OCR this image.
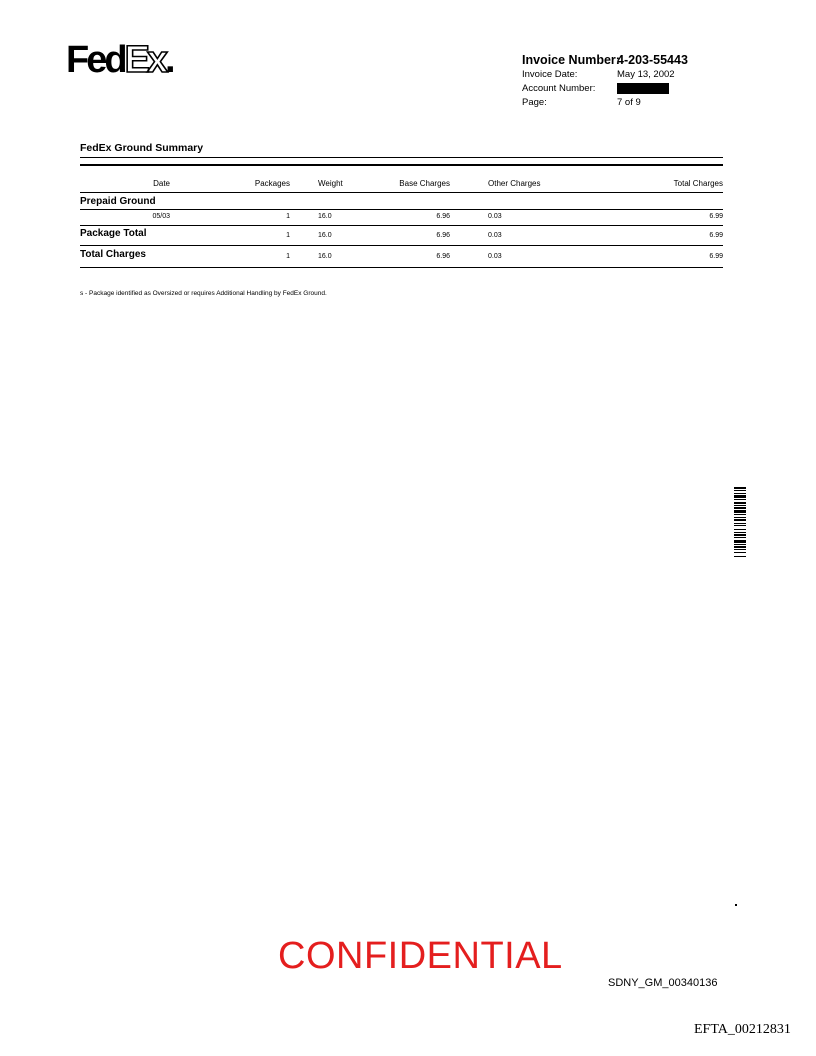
FedEx.	Invoice Number:4-203-55443
Invoice Date:	May 13, 2002
Account Number:
Page:	7 of 9
FedEx Ground Summary
Date	Packages	Weight	Base Charges	Other Charges	Total Charges
Prepaid Ground
05/03	1	16.0	6.96	0.03	6.99
Package Total	1	16.0	6.96	0.03	6.99
Total Charges	1	16.0	6.96	0.03	6.99
s - Package identified as Oversized or requires Additional Handling by FedEx Ground.
CONFIDENTIAL
SDNY_GM_00340136
EFTA_00212831
